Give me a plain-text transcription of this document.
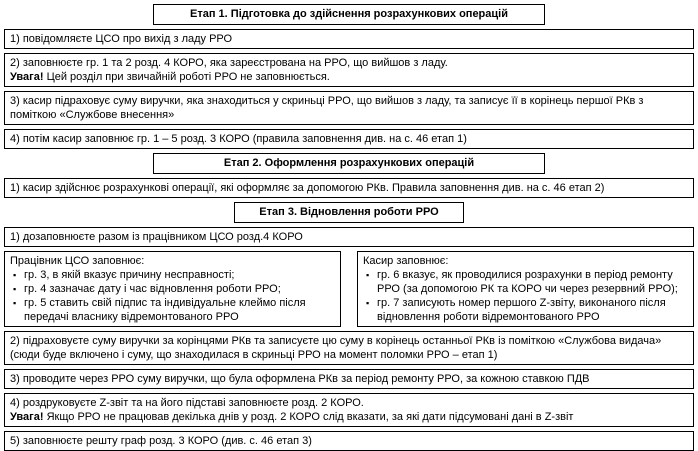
Етап 1. Підготовка до здійснення розрахункових операцій
1) повідомляєте ЦСО про вихід з ладу РРО
2) заповнюєте гр. 1 та 2 розд. 4 КОРО, яка зареєстрована на РРО, що вийшов з ладу.
Увага! Цей розділ при звичайній роботі РРО не заповнюється.
3) касир підраховує суму виручки, яка знаходиться у скриньці РРО, що вийшов з ладу, та записує її в корінець першої РКв з поміткою «Службове внесення»
4) потім касир заповнює гр. 1 – 5 розд. 3 КОРО (правила заповнення див. на с. 46 етап 1)
Етап 2. Оформлення розрахункових операцій
1) касир здійснює розрахункові операції, які оформляє за допомогою РКв. Правила заповнення див. на с. 46 етап 2)
Етап 3. Відновлення роботи РРО
1) дозаповнюєте разом із працівником ЦСО розд.4 КОРО
Працівник ЦСО заповнює:
▪ гр. 3, в якій вказує причину несправності;
▪ гр. 4 зазначає дату і час відновлення роботи РРО;
▪ гр. 5 ставить свій підпис та індивідуальне клеймо після передачі власнику відремонтованого РРО
Касир заповнює:
▪ гр. 6 вказує, як проводилися розрахунки в період ремонту РРО (за допомогою РК та КОРО чи через резервний РРО);
▪ гр. 7 записують номер першого Z-звіту, виконаного після відновлення роботи відремонтованого РРО
2) підраховуєте суму виручки за корінцями РКв та записуєте цю суму в корінець останньої РКв із поміткою «Службова видача» (сюди буде включено і суму, що знаходилася в скриньці РРО на момент поломки РРО – етап 1)
3) проводите через РРО суму виручки, що була оформлена РКв за період ремонту РРО, за кожною ставкою ПДВ
4) роздруковуєте Z-звіт та на його підставі заповнюєте розд. 2 КОРО.
Увага! Якщо РРО не працював декілька днів у розд. 2 КОРО слід вказати, за які дати підсумовані дані в Z-звіт
5) заповнюєте решту граф розд. 3 КОРО (див. с. 46 етап 3)
